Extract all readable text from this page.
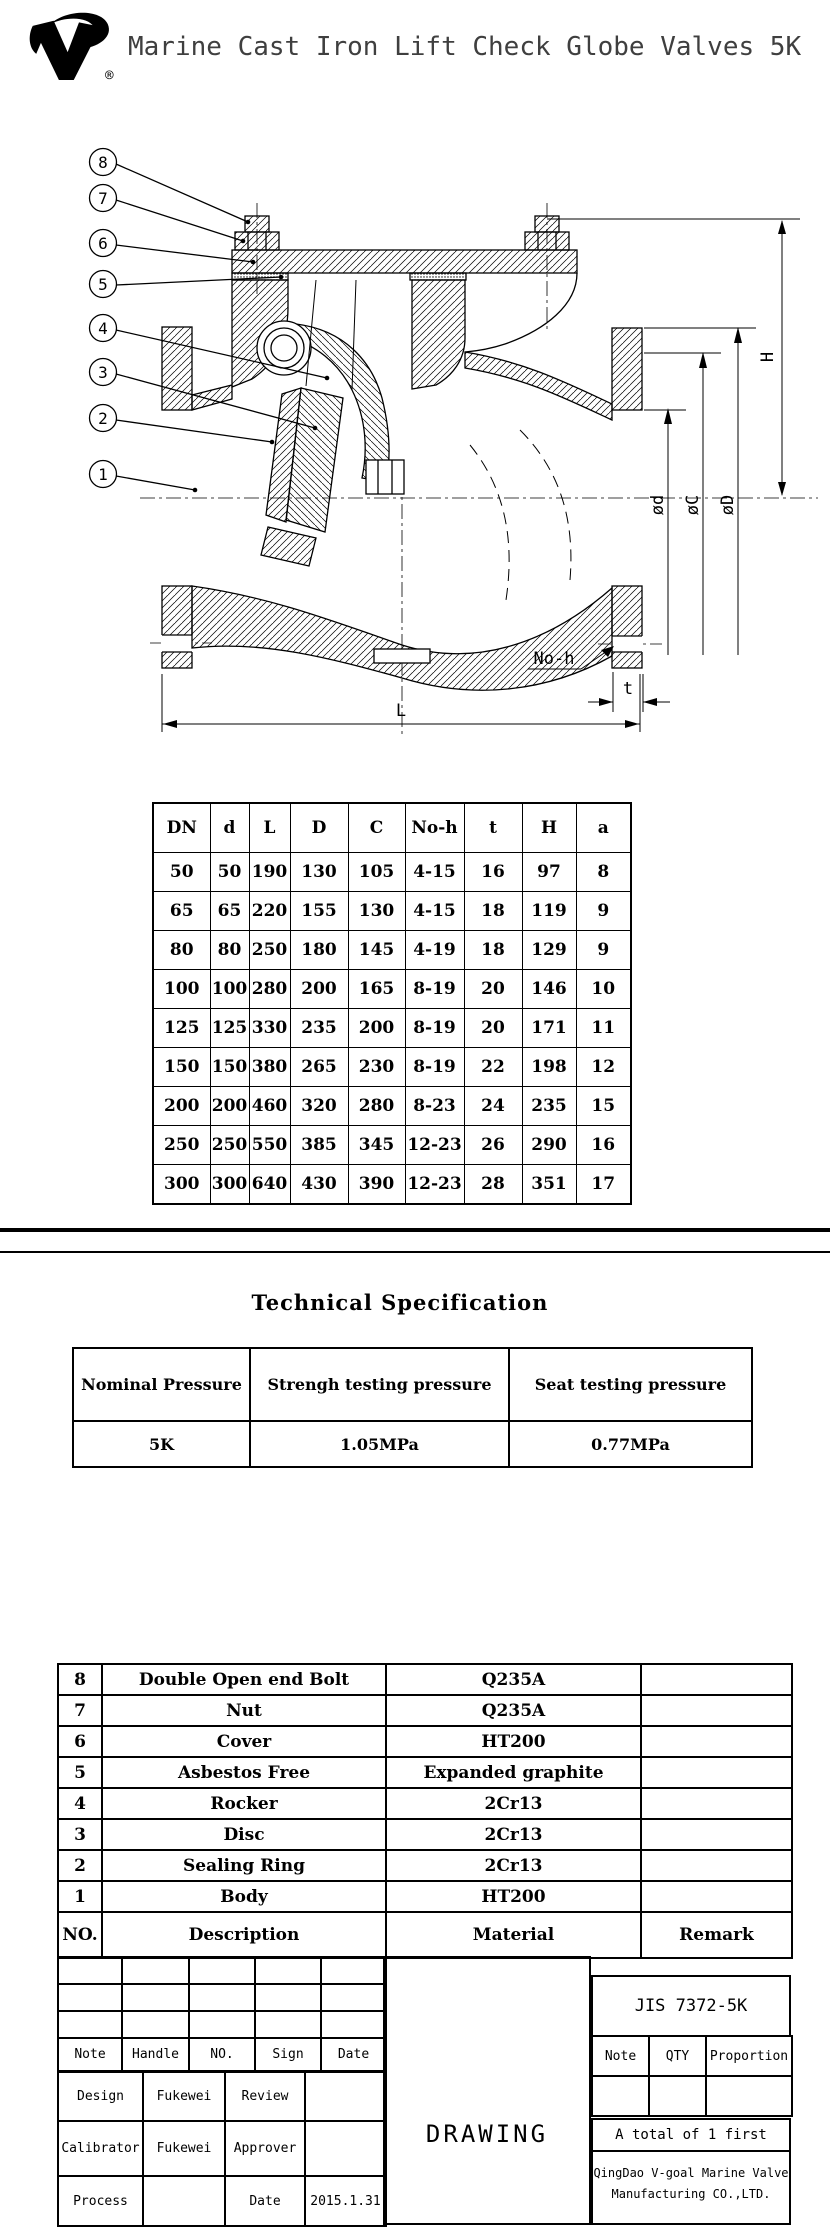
®
Marine Cast Iron Lift Check Globe Valves 5K
H
ød øC øD
No-h
t
L
8
7
6
5
4
3
2
1
DN	d	L	D	C	No-h	t	H	a
50	50	190	130	105	4-15	16	97	8
65	65	220	155	130	4-15	18	119	9
80	80	250	180	145	4-19	18	129	9
100	100	280	200	165	8-19	20	146	10
125	125	330	235	200	8-19	20	171	11
150	150	380	265	230	8-19	22	198	12
200	200	460	320	280	8-23	24	235	15
250	250	550	385	345	12-23	26	290	16
300	300	640	430	390	12-23	28	351	17
Technical Specification
Nominal Pressure	Strengh testing pressure	Seat testing pressure
5K	1.05MPa	0.77MPa
8	Double Open end Bolt	Q235A	
7	Nut	Q235A	
6	Cover	HT200	
5	Asbestos Free	Expanded graphite	
4	Rocker	2Cr13	
3	Disc	2Cr13	
2	Sealing Ring	2Cr13	
1	Body	HT200	
NO.	Description	Material	Remark

Note	Handle	NO.	Sign	Date
Design	Fukewei	Review	
Calibrator	Fukewei	Approver	
Process		Date	2015.1.31
DRAWING
JIS 7372-5K
Note	QTY	Proportion

A total of 1 first
QingDao V-goal Marine Valve
Manufacturing CO.,LTD.
